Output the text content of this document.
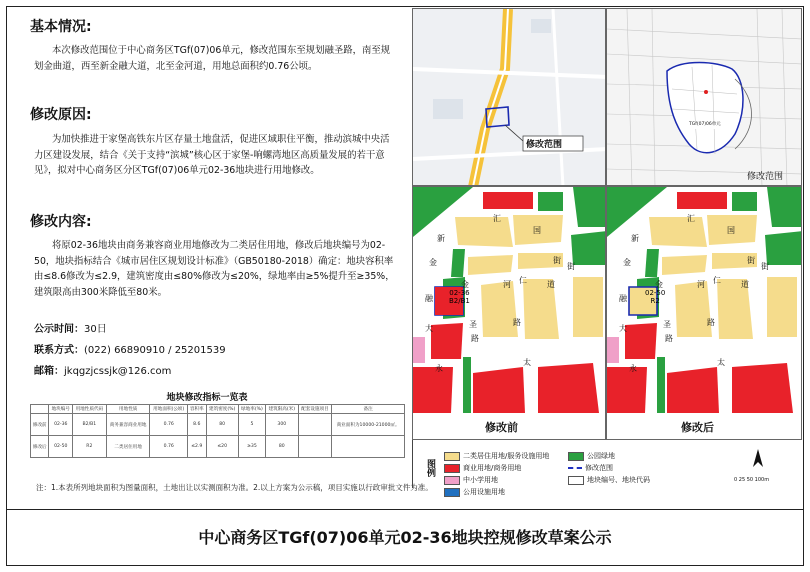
基本情况:

本次修改范围位于中心商务区TGf(07)06单元，修改范围东至规划融圣路，南至规划金曲道，西至新金融大道，北至金河道，用地总面积约0.76公顷。

修改原因:

为加快推进于家堡高铁东片区存量土地盘活，促进区域职住平衡，推动滨城中央活力区建设发展，结合《关于支持“滨城”核心区于家堡-响螺湾地区高质量发展的若干意见》，拟对中心商务区分区TGf(07)06单元02-36地块进行用地修改。

修改内容:

将原02-36地块由商务兼容商业用地修改为二类居住用地，修改后地块编号为02-50，地块指标结合《城市居住区规划设计标准》（GB50180-2018）确定：地块容积率由≤8.6修改为≤2.9，建筑密度由≤80%修改为≤20%，绿地率由≥5%提升至≥35%，建筑限高由300米降低至80米。

公示时间：30日
联系方式：(022) 66890910 / 25201539
邮箱：jkqgzjcssjk@126.com
地块修改指标一览表
	地块编号	用地性质代码	用地性质	用地面积(公顷)	容积率	建筑密度(%)	绿地率(%)	建筑限高(米)	配套设施项目	备注
修改前	02-36	B2/B1	商务兼容商业用地	0.76	8.6	80	5	300		商业面积为10000-21000㎡。
修改后	02-50	R2	二类居住用地	0.76	≤2.9	≤20	≥35	80		
注：1.本表所列地块面积为图量面积，土地出让以实测面积为准。2.以上方案为公示稿，项目实施以行政审批文件为准。
修改范围
TGf(07)06单元
修改范围
02-36
B2/B1
修改前
汇
新
国
街
金
仁
金	河	道
街
融
大	圣
路
路
太
永
02-50
R2
修改后
汇
新
国
街
金
仁
金	河	道
街
融
大	圣
路
路
太
永
图例
二类居住用地/服务设施用地
商业用地/商务用地
中小学用地
公用设施用地
公园绿地
修改范围
地块编号、地块代码	0 25 50 100m
中心商务区TGf(07)06单元02-36地块控规修改草案公示
